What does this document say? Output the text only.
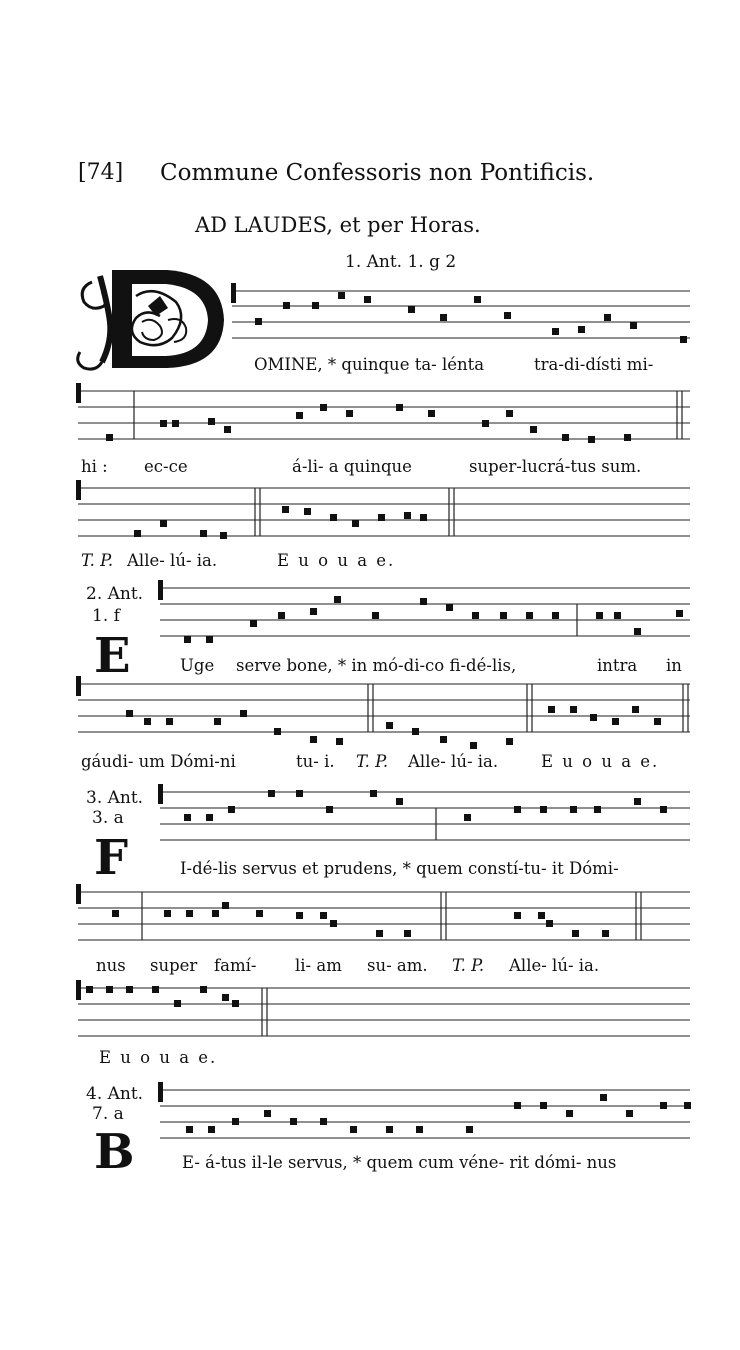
[74] Commune Confessoris non Pontificis.
AD LAUDES, et per Horas.
1. Ant. 1. g 2
OMINE, * quinque ta- lénta	tra-di-dísti mi-
hi : ec-ce	á-li- a quinque	super-lucrá-tus sum.
T. P. Alle- lú- ia.	E u o u a e.
2. Ant.
1. f
E	Uge serve bone, * in mó-di-co fi-dé-lis,	intra in
gáudi- um Dómi-ni	tu- i. T. P. Alle- lú- ia.	E u o u a e.
3. Ant.
3. a
F	I-dé-lis servus et prudens, * quem constí-tu- it Dómi-
nus super famí- li- am su- am. T. P. Alle- lú- ia.
E u o u a e.
4. Ant.
7. a
B	E- á-tus il-le servus, * quem cum véne- rit dómi- nus
